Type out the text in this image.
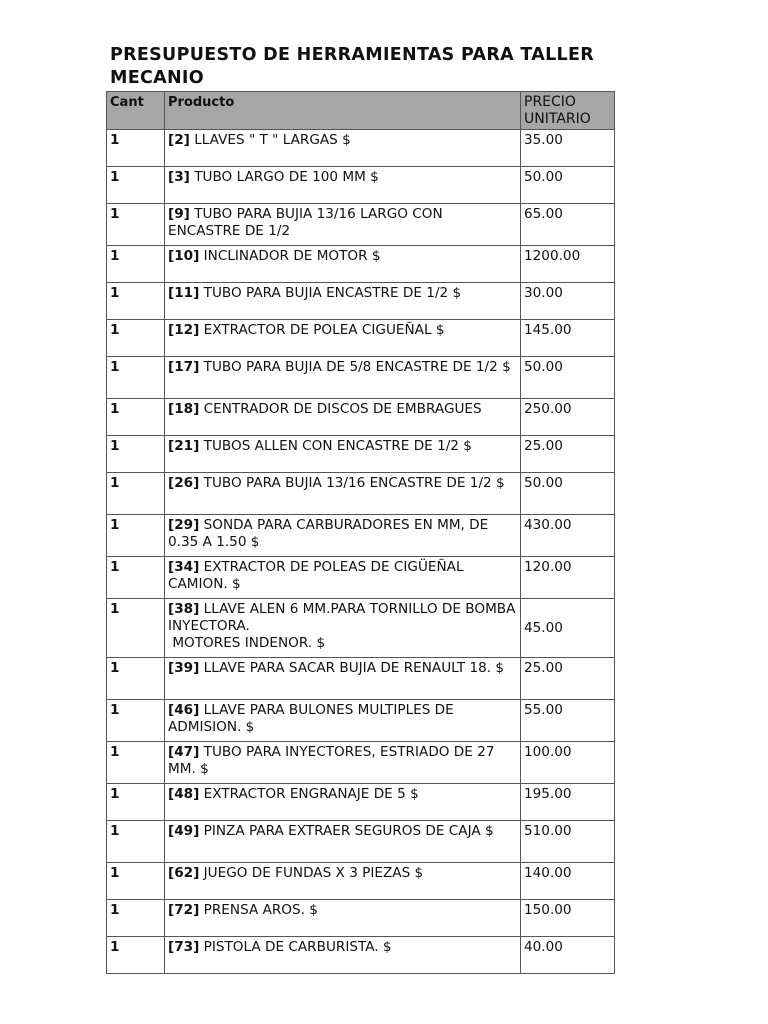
PRESUPUESTO DE HERRAMIENTAS PARA TALLER MECANIO
Cant	Producto	PRECIO UNITARIO
1	[2] LLAVES " T " LARGAS $	35.00
1	[3] TUBO LARGO DE 100 MM $	50.00
1	[9] TUBO PARA BUJIA 13/16 LARGO CON ENCASTRE DE 1/2	65.00
1	[10] INCLINADOR DE MOTOR $	1200.00
1	[11] TUBO PARA BUJIA ENCASTRE DE 1/2 $	30.00
1	[12] EXTRACTOR DE POLEA CIGUEÑAL $	145.00
1	[17] TUBO PARA BUJIA DE 5/8 ENCASTRE DE 1/2 $	50.00
1	[18] CENTRADOR DE DISCOS DE EMBRAGUES	250.00
1	[21] TUBOS ALLEN CON ENCASTRE DE 1/2 $	25.00
1	[26] TUBO PARA BUJIA 13/16 ENCASTRE DE 1/2 $	50.00
1	[29] SONDA PARA CARBURADORES EN MM, DE 0.35 A 1.50 $	430.00
1	[34] EXTRACTOR DE POLEAS DE CIGÜEÑAL CAMION. $	120.00
1	[38] LLAVE ALEN 6 MM.PARA TORNILLO DE BOMBA INYECTORA.
MOTORES INDENOR. $	45.00
1	[39] LLAVE PARA SACAR BUJIA DE RENAULT 18. $	25.00
1	[46] LLAVE PARA BULONES MULTIPLES DE ADMISION. $	55.00
1	[47] TUBO PARA INYECTORES, ESTRIADO DE 27 MM. $	100.00
1	[48] EXTRACTOR ENGRANAJE DE 5 $	195.00
1	[49] PINZA PARA EXTRAER SEGUROS DE CAJA $	510.00
1	[62] JUEGO DE FUNDAS X 3 PIEZAS $	140.00
1	[72] PRENSA AROS. $	150.00
1	[73] PISTOLA DE CARBURISTA. $	40.00
